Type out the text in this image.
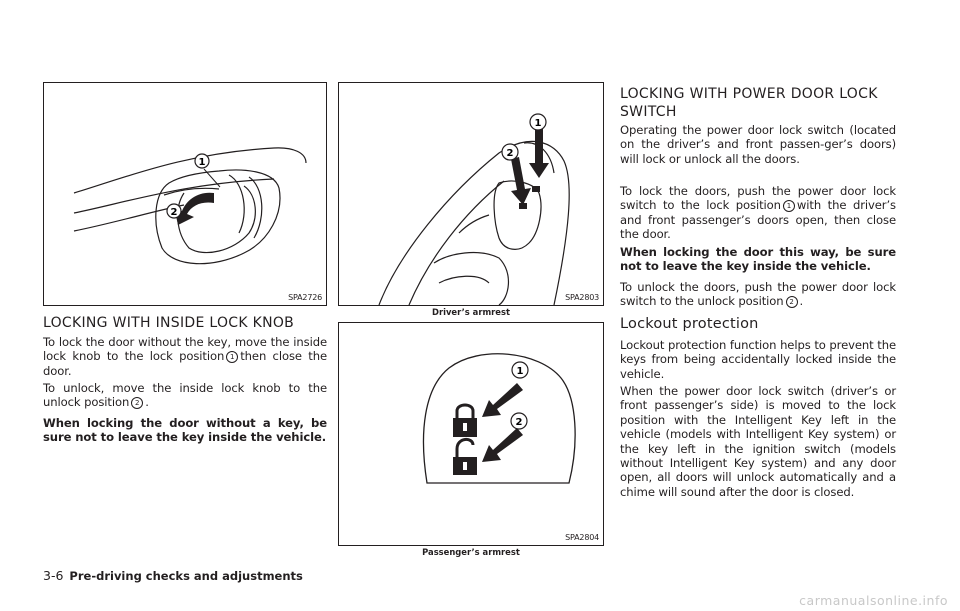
1
2
SPA2726
1
2
SPA2803
Driver’s armrest
1
2
SPA2804
Passenger’s armrest
LOCKING WITH INSIDE LOCK KNOB

To lock the door without the key, move the inside lock knob to the lock position 1 then close the door.

To unlock, move the inside lock knob to the unlock position 2 .

When locking the door without a key, be sure not to leave the key inside the vehicle.

LOCKING WITH POWER DOOR LOCK SWITCH

Operating the power door lock switch (located on the driver’s and front passen-ger’s doors) will lock or unlock all the doors.

To lock the doors, push the power door lock switch to the lock position 1 with the driver’s and front passenger’s doors open, then close the door.

When locking the door this way, be sure not to leave the key inside the vehicle.

To unlock the doors, push the power door lock switch to the unlock position 2 .

Lockout protection

Lockout protection function helps to prevent the keys from being accidentally locked inside the vehicle.

When the power door lock switch (driver’s or front passenger’s side) is moved to the lock position with the Intelligent Key left in the vehicle (models with Intelligent Key system) or the key left in the ignition switch (models without Intelligent Key system) and any door open, all doors will unlock automatically and a chime will sound after the door is closed.

3-6 Pre-driving checks and adjustments
carmanualsonline.info
